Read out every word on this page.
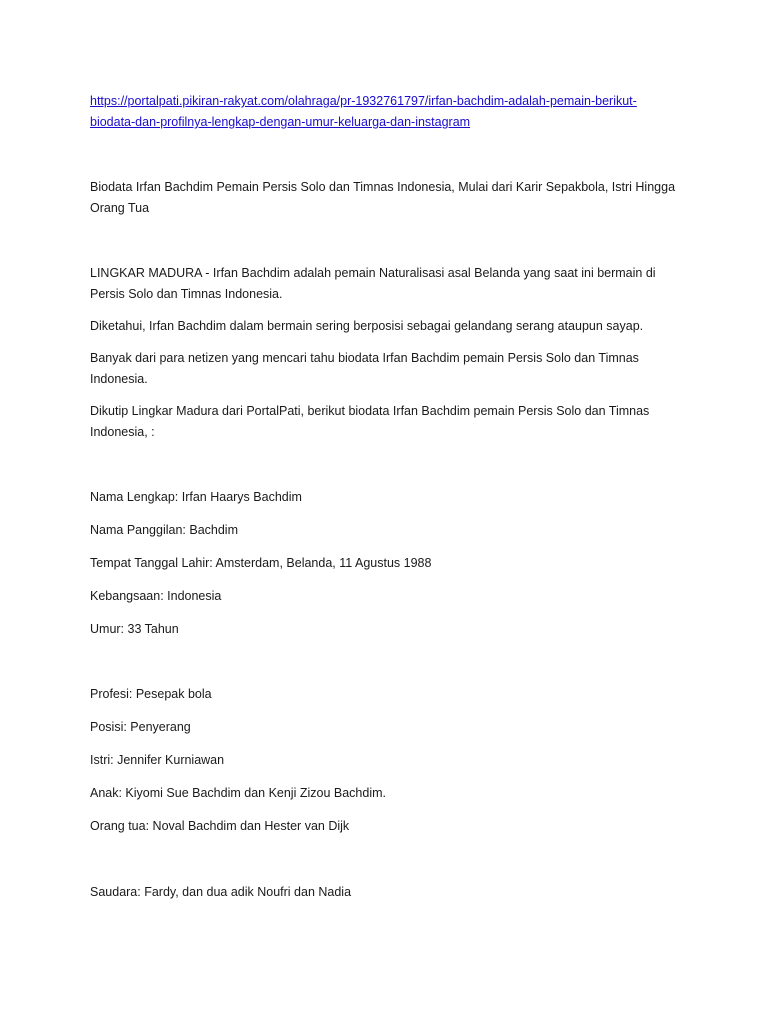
https://portalpati.pikiran-rakyat.com/olahraga/pr-1932761797/irfan-bachdim-adalah-pemain-berikut-

biodata-dan-profilnya-lengkap-dengan-umur-keluarga-dan-instagram

Biodata Irfan Bachdim Pemain Persis Solo dan Timnas Indonesia, Mulai dari Karir Sepakbola, Istri Hingga Orang Tua

LINGKAR MADURA - Irfan Bachdim adalah pemain Naturalisasi asal Belanda yang saat ini bermain di Persis Solo dan Timnas Indonesia.

Diketahui, Irfan Bachdim dalam bermain sering berposisi sebagai gelandang serang ataupun sayap.

Banyak dari para netizen yang mencari tahu biodata Irfan Bachdim pemain Persis Solo dan Timnas Indonesia.

Dikutip Lingkar Madura dari PortalPati, berikut biodata Irfan Bachdim pemain Persis Solo dan Timnas Indonesia, :

Nama Lengkap: Irfan Haarys Bachdim

Nama Panggilan: Bachdim

Tempat Tanggal Lahir: Amsterdam, Belanda, 11 Agustus 1988

Kebangsaan: Indonesia

Umur: 33 Tahun

Profesi: Pesepak bola

Posisi: Penyerang

Istri: Jennifer Kurniawan

Anak: Kiyomi Sue Bachdim dan Kenji Zizou Bachdim.

Orang tua: Noval Bachdim dan Hester van Dijk

Saudara: Fardy, dan dua adik Noufri dan Nadia
